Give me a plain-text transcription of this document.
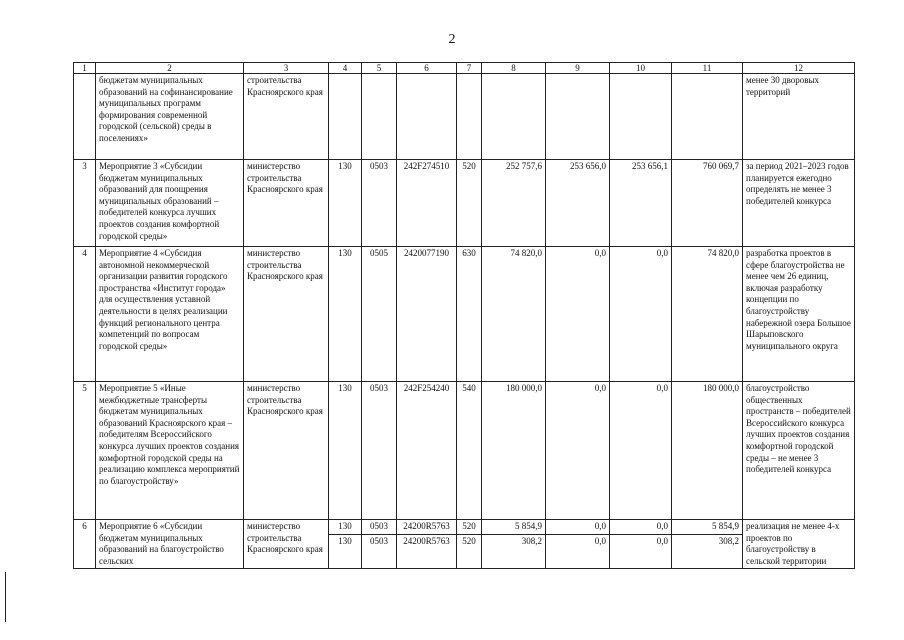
2
1	2	3	4	5	6	7	8	9	10	11	12
	бюджетам муниципальных образований на софинансирование муниципальных программ формирования современной городской (сельской) среды в поселениях»	строительства Красноярского края									менее 30 дворовых территорий
3	Мероприятие 3 «Субсидии бюджетам муниципальных образований для поощрения муниципальных образований – победителей конкурса лучших проектов создания комфортной городской среды»	министерство строительства Красноярского края	130	0503	242F274510	520	252 757,6	253 656,0	253 656,1	760 069,7	за период 2021–2023 годов планируется ежегодно определять не менее 3 победителей конкурса
4	Мероприятие 4 «Субсидия автономной некоммерческой организации развития городского пространства «Институт города» для осуществления уставной деятельности в целях реализации функций регионального центра компетенций по вопросам городской среды»	министерство строительства Красноярского края	130	0505	2420077190	630	74 820,0	0,0	0,0	74 820,0	разработка проектов в сфере благоустройства не менее чем 26 единиц, включая разработку концепции по благоустройству набережной озера Большое Шарыповского муниципального округа
5	Мероприятие 5 «Иные межбюджетные трансферты бюджетам муниципальных образований Красноярского края – победителям Всероссийского конкурса лучших проектов создания комфортной городской среды на реализацию комплекса мероприятий по благоустройству»	министерство строительства Красноярского края	130	0503	242F254240	540	180 000,0	0,0	0,0	180 000,0	благоустройство общественных пространств – победителей Всероссийского конкурса лучших проектов создания комфортной городской среды – не менее 3 победителей конкурса
6	Мероприятие 6 «Субсидии бюджетам муниципальных образований на благоустройство сельских	министерство строительства Красноярского края	130	0503	24200R5763	520	5 854,9	0,0	0,0	5 854,9	реализация не менее 4-х проектов по благоустройству в сельской территории
			130	0503	24200R5763	520	308,2	0,0	0,0	308,2	
